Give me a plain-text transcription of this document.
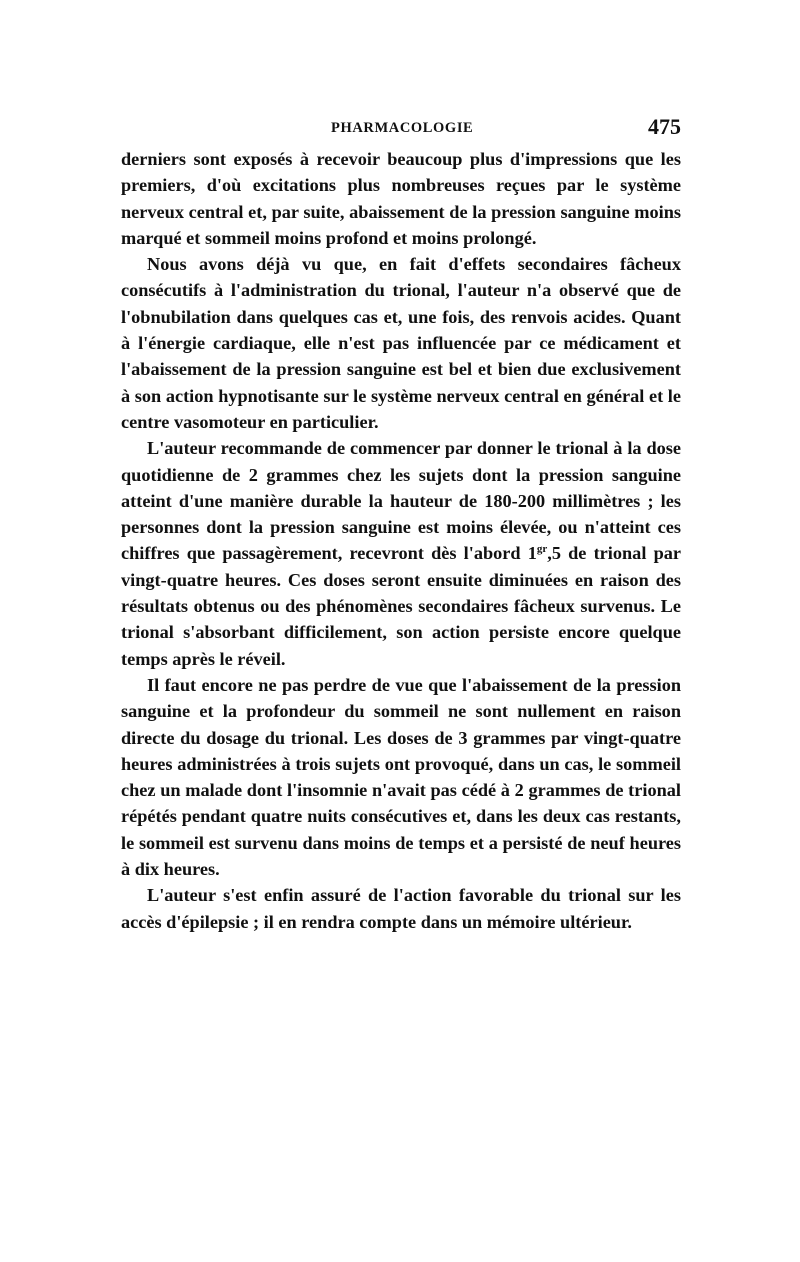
PHARMACOLOGIE	475

derniers sont exposés à recevoir beaucoup plus d'impressions que les premiers, d'où excitations plus nombreuses reçues par le système nerveux central et, par suite, abaissement de la pression sanguine moins marqué et sommeil moins profond et moins prolongé.

Nous avons déjà vu que, en fait d'effets secondaires fâcheux consécutifs à l'administration du trional, l'auteur n'a observé que de l'obnubilation dans quelques cas et, une fois, des renvois acides. Quant à l'énergie cardiaque, elle n'est pas influencée par ce médicament et l'abaissement de la pression sanguine est bel et bien due exclusivement à son action hypnotisante sur le système nerveux central en général et le centre vasomoteur en particulier.

L'auteur recommande de commencer par donner le trional à la dose quotidienne de 2 grammes chez les sujets dont la pression sanguine atteint d'une manière durable la hauteur de 180-200 millimètres ; les personnes dont la pression sanguine est moins élevée, ou n'atteint ces chiffres que passagèrement, recevront dès l'abord $1^{gr},5$ de trional par vingt-quatre heures. Ces doses seront ensuite diminuées en raison des résultats obtenus ou des phénomènes secondaires fâcheux survenus. Le trional s'absorbant difficilement, son action persiste encore quelque temps après le réveil.

Il faut encore ne pas perdre de vue que l'abaissement de la pression sanguine et la profondeur du sommeil ne sont nullement en raison directe du dosage du trional. Les doses de 3 grammes par vingt-quatre heures administrées à trois sujets ont provoqué, dans un cas, le sommeil chez un malade dont l'insomnie n'avait pas cédé à 2 grammes de trional répétés pendant quatre nuits consécutives et, dans les deux cas restants, le sommeil est survenu dans moins de temps et a persisté de neuf heures à dix heures.

L'auteur s'est enfin assuré de l'action favorable du trional sur les accès d'épilepsie ; il en rendra compte dans un mémoire ultérieur.
